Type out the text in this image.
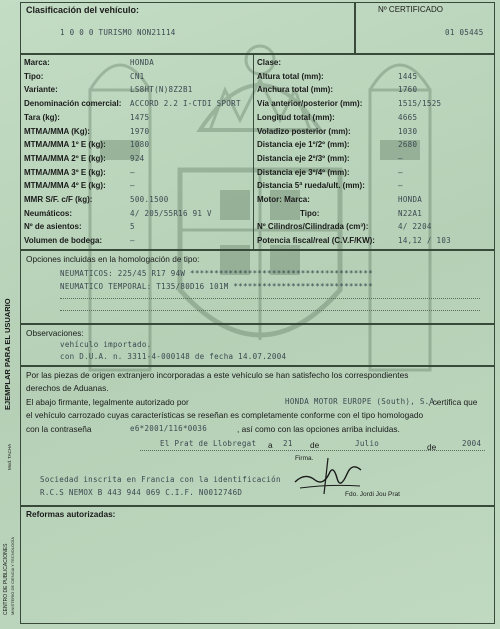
Clasificación del vehículo:	Nº CERTIFICADO
1 0 0 0 TURISMO NON21114	01 05445
Marca:	HONDA
Tipo:	CN1
Variante:	LS8HT(N)8Z2B1
Denominación comercial: ACCORD 2.2 I-CTDI SPORT
Tara (kg):	1475
MTMA/MMA (Kg):	1970
MTMA/MMA 1º E (kg):	1080
MTMA/MMA 2º E (kg):	924
MTMA/MMA 3º E (kg):	—
MTMA/MMA 4º E (kg):	—
MMR S/F. c/F (kg):	500.1500
Neumáticos:	4/ 205/55R16 91 V
Nº de asientos:	5
Volumen de bodega:	—
Clase:
Altura total (mm):	1445
Anchura total (mm):	1760
Vía anterior/posterior (mm):	1515/1525
Longitud total (mm):	4665
Voladizo posterior (mm):	1030
Distancia eje 1º/2º (mm):	2680
Distancia eje 2º/3º (mm):	—
Distancia eje 3º/4º (mm):	—
Distancia 5ª rueda/ult. (mm):	—
Motor: Marca:	HONDA
Tipo:	N22A1
Nº Cilindros/Cilindrada (cm³):	4/ 2204
Potencia fiscal/real (C.V.F/KW):	14,12 / 103
Opciones incluidas en la homologación de tipo:
NEUMATICOS: 225/45 R17 94W **************************************
NEUMATICO TEMPORAL: T135/80D16 101M *****************************
Observaciones:
vehículo importado.
con D.U.A. n. 3311-4-000148 de fecha 14.07.2004
Por las piezas de origen extranjero incorporadas a este vehículo se han satisfecho los correspondientes
derechos de Aduanas.
El abajo firmante, legalmente autorizado por	HONDA MOTOR EUROPE (South), S.A.
, certifica que
el vehículo carrozado cuyas características se reseñan es completamente conforme con el tipo homologado
con la contraseña	e6*2001/116*0036	, así como con las opciones arriba incluidas.
El Prat de Llobregat a 21 de	Julio	de	2004
Firma.
Sociedad inscrita en Francia con la identificación
R.C.S NEMOX B 443 944 069 C.I.F. N0012746D	Fdo. Jordi Jou Prat
Reformas autorizadas:
EJEMPLAR PARA EL USUARIO
Mod. TACHA
CENTRO DE PUBLICACIONES MINISTERIO DE CIENCIA Y TECNOLOGÍA
